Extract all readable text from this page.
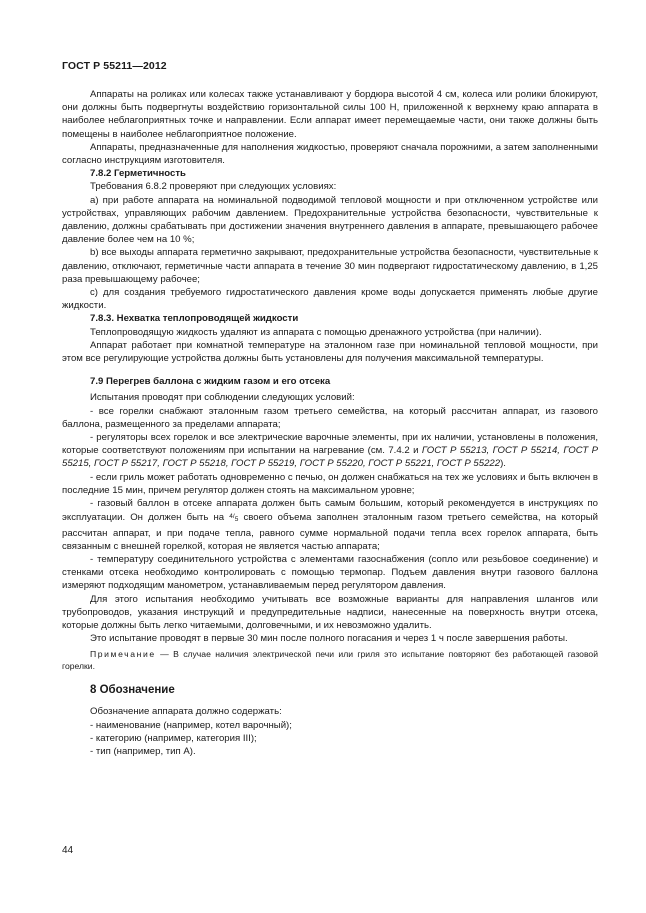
ГОСТ Р 55211—2012

Аппараты на роликах или колесах также устанавливают у бордюра высотой 4 см, колеса или ролики блокируют, они должны быть подвергнуты воздействию горизонтальной силы 100 Н, приложенной к верхнему краю аппарата в наиболее неблагоприятных точке и направлении. Если аппарат имеет перемещаемые части, они также должны быть помещены в наиболее неблагоприятное положение.

Аппараты, предназначенные для наполнения жидкостью, проверяют сначала порожними, а затем заполненными согласно инструкциям изготовителя.

7.8.2 Герметичность

Требования 6.8.2 проверяют при следующих условиях:

a) при работе аппарата на номинальной подводимой тепловой мощности и при отключенном устройстве или устройствах, управляющих рабочим давлением. Предохранительные устройства безопасности, чувствительные к давлению, должны срабатывать при достижении значения внутреннего давления в аппарате, превышающего рабочее давление более чем на 10 %;

b) все выходы аппарата герметично закрывают, предохранительные устройства безопасности, чувствительные к давлению, отключают, герметичные части аппарата в течение 30 мин подвергают гидростатическому давлению, в 1,25 раза превышающему рабочее;

c) для создания требуемого гидростатического давления кроме воды допускается применять любые другие жидкости.

7.8.3. Нехватка теплопроводящей жидкости

Теплопроводящую жидкость удаляют из аппарата с помощью дренажного устройства (при наличии).

Аппарат работает при комнатной температуре на эталонном газе при номинальной тепловой мощности, при этом все регулирующие устройства должны быть установлены для получения максимальной температуры.

7.9 Перегрев баллона с жидким газом и его отсека

Испытания проводят при соблюдении следующих условий:

- все горелки снабжают эталонным газом третьего семейства, на который рассчитан аппарат, из газового баллона, размещенного за пределами аппарата;

- регуляторы всех горелок и все электрические варочные элементы, при их наличии, установлены в положения, которые соответствуют положениям при испытании на нагревание (см. 7.4.2 и ГОСТ Р 55213, ГОСТ Р 55214, ГОСТ Р 55215, ГОСТ Р 55217, ГОСТ Р 55218, ГОСТ Р 55219, ГОСТ Р 55220, ГОСТ Р 55221, ГОСТ Р 55222).

- если гриль может работать одновременно с печью, он должен снабжаться на тех же условиях и быть включен в последние 15 мин, причем регулятор должен стоять на максимальном уровне;

- газовый баллон в отсеке аппарата должен быть самым большим, который рекомендуется в инструкциях по эксплуатации. Он должен быть на $^{4/}$5 своего объема заполнен эталонным газом третьего семейства, на который рассчитан аппарат, и при подаче тепла, равного сумме нормальной подачи тепла всех горелок аппарата, быть связанным с внешней горелкой, которая не является частью аппарата;

- температуру соединительного устройства с элементами газоснабжения (сопло или резьбовое соединение) и стенками отсека необходимо контролировать с помощью термопар. Подъем давления внутри газового баллона измеряют подходящим манометром, устанавливаемым перед регулятором давления.

Для этого испытания необходимо учитывать все возможные варианты для направления шлангов или трубопроводов, указания инструкций и предупредительные надписи, нанесенные на поверхность внутри отсека, которые должны быть легко читаемыми, долговечными, и их невозможно удалить.

Это испытание проводят в первые 30 мин после полного погасания и через 1 ч после завершения работы.

Примечание — В случае наличия электрической печи или гриля это испытание повторяют без работающей газовой горелки.

8 Обозначение

Обозначение аппарата должно содержать:

- наименование (например, котел варочный);

- категорию (например, категория III);

- тип (например, тип А).

44
